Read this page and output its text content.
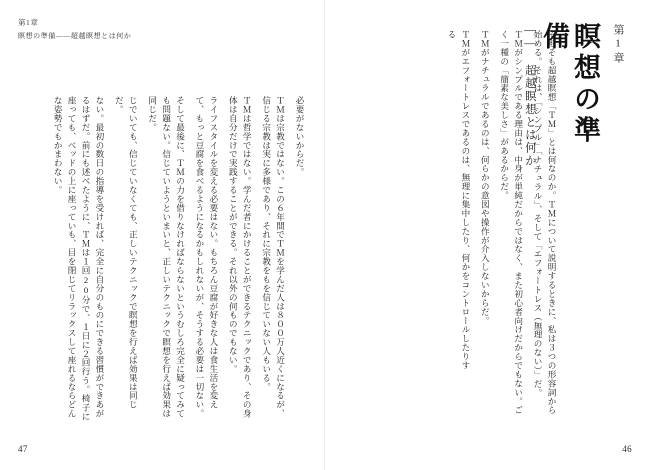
第1章
瞑想の準備――超越瞑想とは何か
必要がないからだ。
ＴＭは宗教ではない。この６年間でＴＭを学んだ人は８００万人近くになるが、信じる宗教は実に多様であり、それに宗教をもを信じていない人もいる。
ＴＭは哲学ではない。学んだ者にかけることができるテクニックであり、その身体は自分だけで実践することができる。それ以外の何ものでもない。
ライフスタイルを変える必要はない。もちろん豆腐が好きな人は食生活を変えて、もっと豆腐を食べるようになるかもしれないが、そうする必要は一切ない。
そして最後に、ＴＭの力を借りなければならないというむしろ完全に疑ってみても問題ない。信じていようといまいと、正しいテクニックで瞑想を行えば効果は同じだ。
じでいても、信じていなくても、正しいテクニックで瞑想を行えば効果は同じだ。
ない。最初の数日の指導を受ければ、完全に自分のものにできる習慣ができあがるはずだ。前にも述べたように、ＴＭは１回20分で、１日に２回行う。椅子に座っても、ベッドの上に座っていも、目を閉じてリラックスして座れるならどんな姿勢でもかまわない。
47
―― 超越瞑想とは何か	瞑想の準備	第1章
そもそも超越瞑想「ＴＭ」とは何なのか。ＴＭについて説明するときに、私は３つの形容詞から始める。それは、「シンプル」「ナチュラル」、そして「エフォートレス（無理のない）」だ。
ＴＭがシンプルである理由は、中身が単純だからではなく、また初心者向けだからでもない。ごく一種の「簡素な美しさ」があるからだ。
ＴＭがナチュラルであるのは、何らかの意図や操作が介入しないからだ。
ＴＭがエフォートレスであるのは、無理に集中したり、何かをコントロールしたりする
46
